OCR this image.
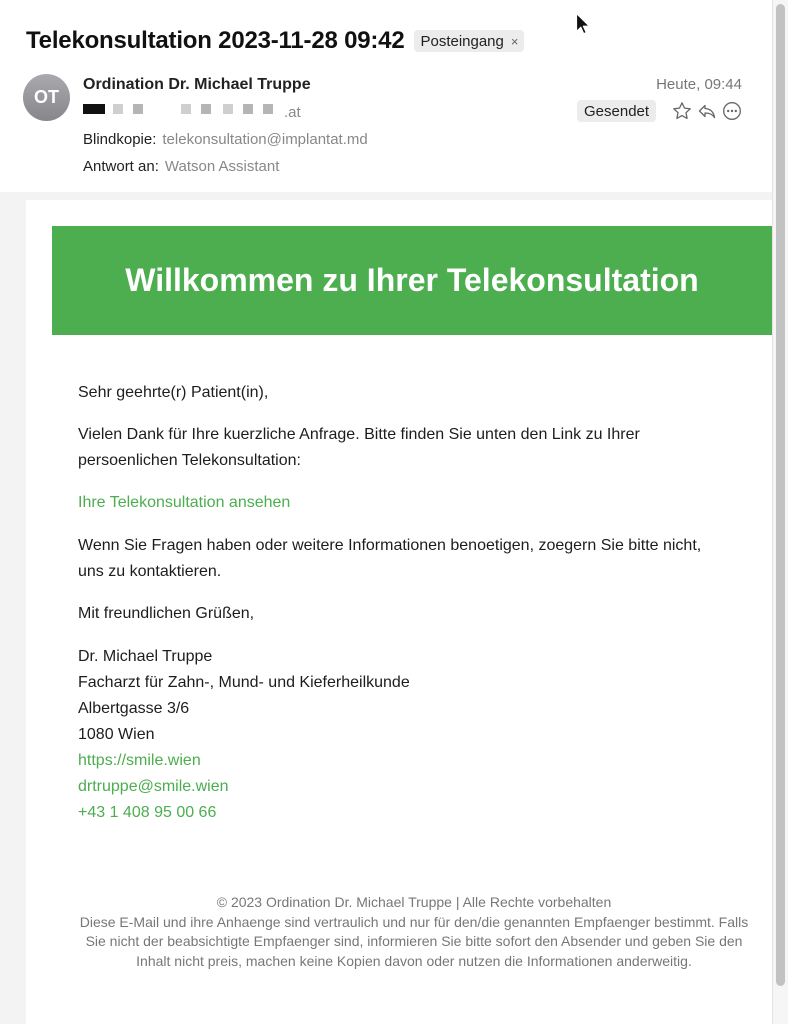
Telekonsultation 2023-11-28 09:42 Posteingang ×
OT
Ordination Dr. Michael Truppe
.at
Blindkopie: telekonsultation@implantat.md
Antwort an: Watson Assistant
Heute, 09:44
Gesendet
Willkommen zu Ihrer Telekonsultation
Sehr geehrte(r) Patient(in),
Vielen Dank für Ihre kuerzliche Anfrage. Bitte finden Sie unten den Link zu Ihrer persoenlichen Telekonsultation:
Ihre Telekonsultation ansehen
Wenn Sie Fragen haben oder weitere Informationen benoetigen, zoegern Sie bitte nicht, uns zu kontaktieren.
Mit freundlichen Grüßen,
Dr. Michael Truppe
Facharzt für Zahn-, Mund- und Kieferheilkunde
Albertgasse 3/6
1080 Wien
https://smile.wien
drtruppe@smile.wien
+43 1 408 95 00 66
© 2023 Ordination Dr. Michael Truppe | Alle Rechte vorbehalten
Diese E-Mail und ihre Anhaenge sind vertraulich und nur für den/die genannten Empfaenger bestimmt. Falls Sie nicht der beabsichtigte Empfaenger sind, informieren Sie bitte sofort den Absender und geben Sie den Inhalt nicht preis, machen keine Kopien davon oder nutzen die Informationen anderweitig.
